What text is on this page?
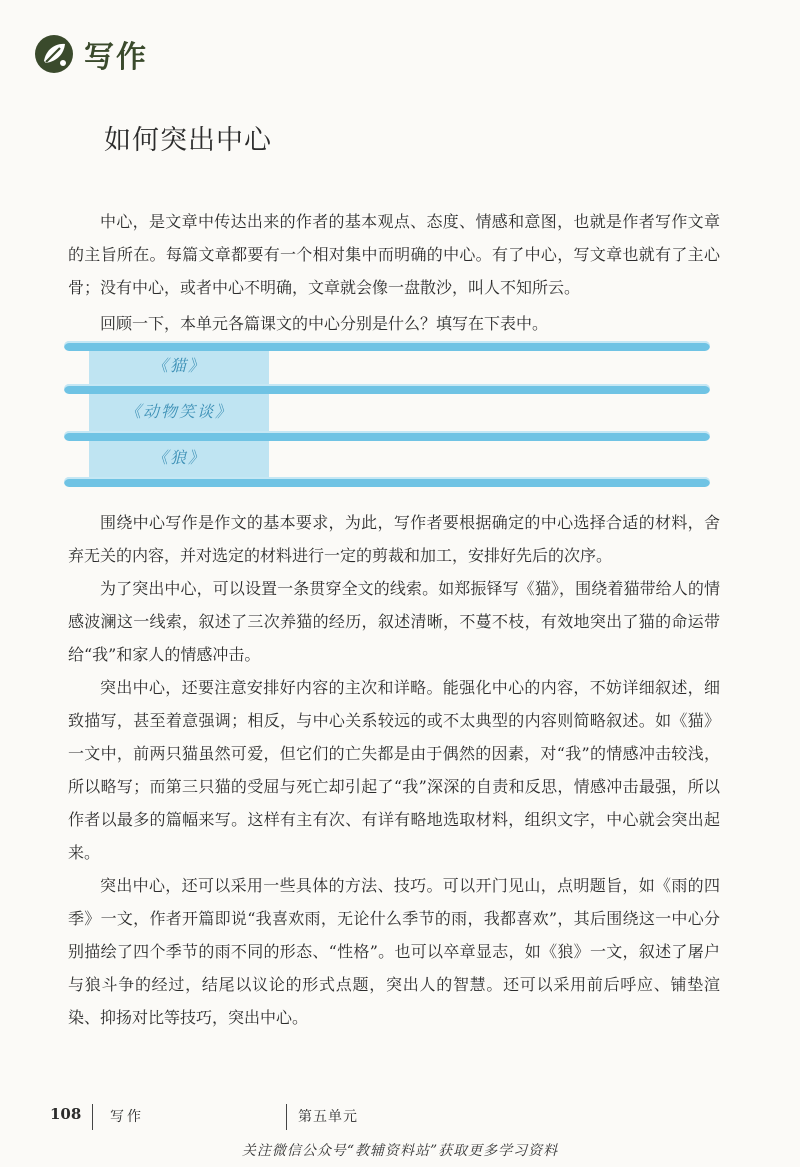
写作
如何突出中心

中心，是文章中传达出来的作者的基本观点、态度、情感和意图，也就是作者写作文章的主旨所在。每篇文章都要有一个相对集中而明确的中心。有了中心，写文章也就有了主心骨；没有中心，或者中心不明确，文章就会像一盘散沙，叫人不知所云。

回顾一下，本单元各篇课文的中心分别是什么？填写在下表中。

《猫》
《动物笑谈》
《狼》

围绕中心写作是作文的基本要求，为此，写作者要根据确定的中心选择合适的材料，舍弃无关的内容，并对选定的材料进行一定的剪裁和加工，安排好先后的次序。

为了突出中心，可以设置一条贯穿全文的线索。如郑振铎写《猫》，围绕着猫带给人的情感波澜这一线索，叙述了三次养猫的经历，叙述清晰，不蔓不枝，有效地突出了猫的命运带给“我”和家人的情感冲击。

突出中心，还要注意安排好内容的主次和详略。能强化中心的内容，不妨详细叙述，细致描写，甚至着意强调；相反，与中心关系较远的或不太典型的内容则简略叙述。如《猫》一文中，前两只猫虽然可爱，但它们的亡失都是由于偶然的因素，对“我”的情感冲击较浅，所以略写；而第三只猫的受屈与死亡却引起了“我”深深的自责和反思，情感冲击最强，所以作者以最多的篇幅来写。这样有主有次、有详有略地选取材料，组织文字，中心就会突出起来。

突出中心，还可以采用一些具体的方法、技巧。可以开门见山，点明题旨，如《雨的四季》一文，作者开篇即说“我喜欢雨，无论什么季节的雨，我都喜欢”，其后围绕这一中心分别描绘了四个季节的雨不同的形态、“性格”。也可以卒章显志，如《狼》一文，叙述了屠户与狼斗争的经过，结尾以议论的形式点题，突出人的智慧。还可以采用前后呼应、铺垫渲染、抑扬对比等技巧，突出中心。

108 写作	第五单元
关注微信公众号“教辅资料站”获取更多学习资料
